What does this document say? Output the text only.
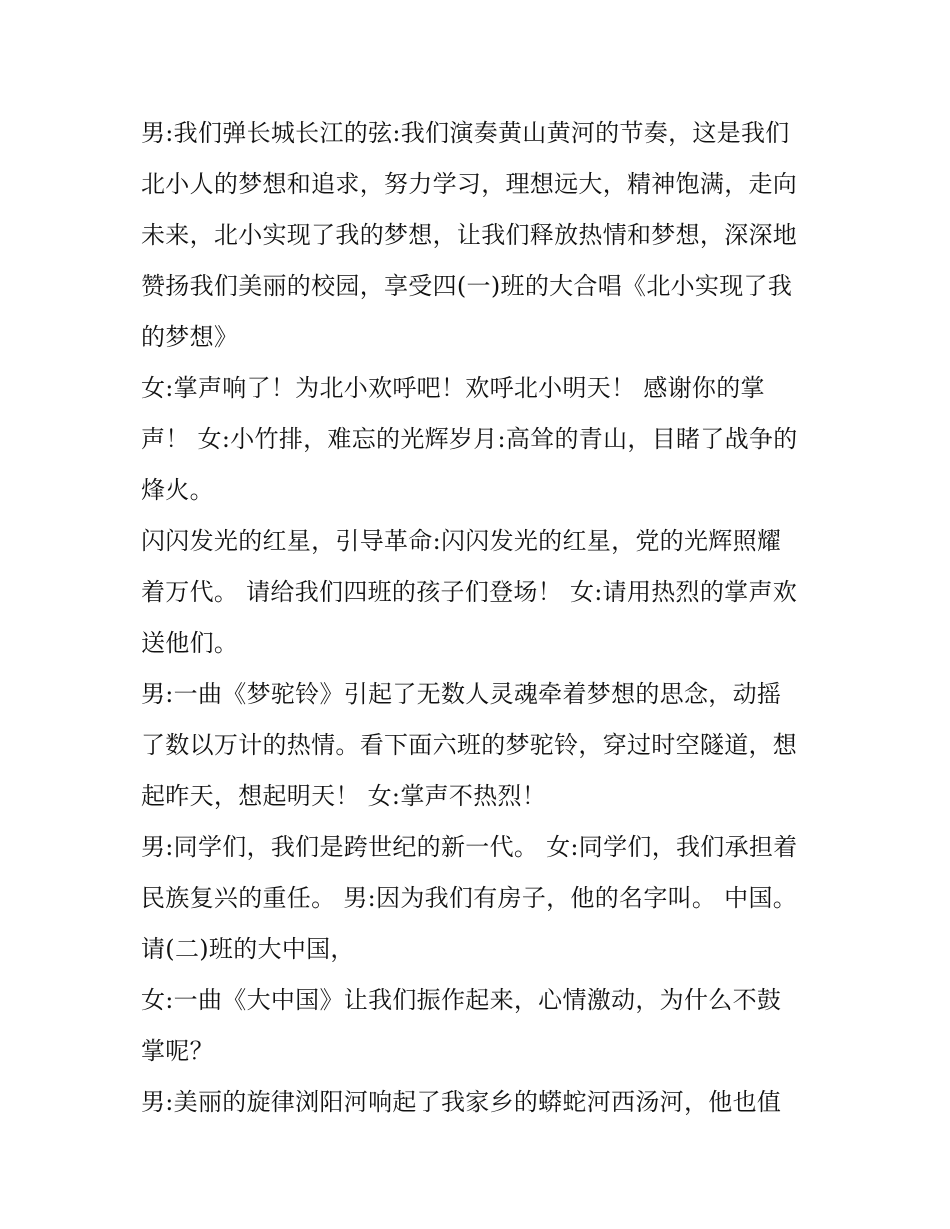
男:我们弹长城长江的弦:我们演奏黄山黄河的节奏，这是我们
北小人的梦想和追求，努力学习，理想远大，精神饱满，走向
未来，北小实现了我的梦想，让我们释放热情和梦想，深深地
赞扬我们美丽的校园，享受四(一)班的大合唱《北小实现了我
的梦想》
女:掌声响了！为北小欢呼吧！欢呼北小明天！ 感谢你的掌
声！ 女:小竹排，难忘的光辉岁月:高耸的青山，目睹了战争的
烽火。
闪闪发光的红星，引导革命:闪闪发光的红星，党的光辉照耀
着万代。 请给我们四班的孩子们登场！ 女:请用热烈的掌声欢
送他们。
男:一曲《梦驼铃》引起了无数人灵魂牵着梦想的思念，动摇
了数以万计的热情。看下面六班的梦驼铃，穿过时空隧道，想
起昨天，想起明天！ 女:掌声不热烈！
男:同学们，我们是跨世纪的新一代。 女:同学们，我们承担着
民族复兴的重任。 男:因为我们有房子，他的名字叫。 中国。
请(二)班的大中国，
女:一曲《大中国》让我们振作起来，心情激动，为什么不鼓
掌呢？
男:美丽的旋律浏阳河响起了我家乡的蟒蛇河西汤河，他也值
